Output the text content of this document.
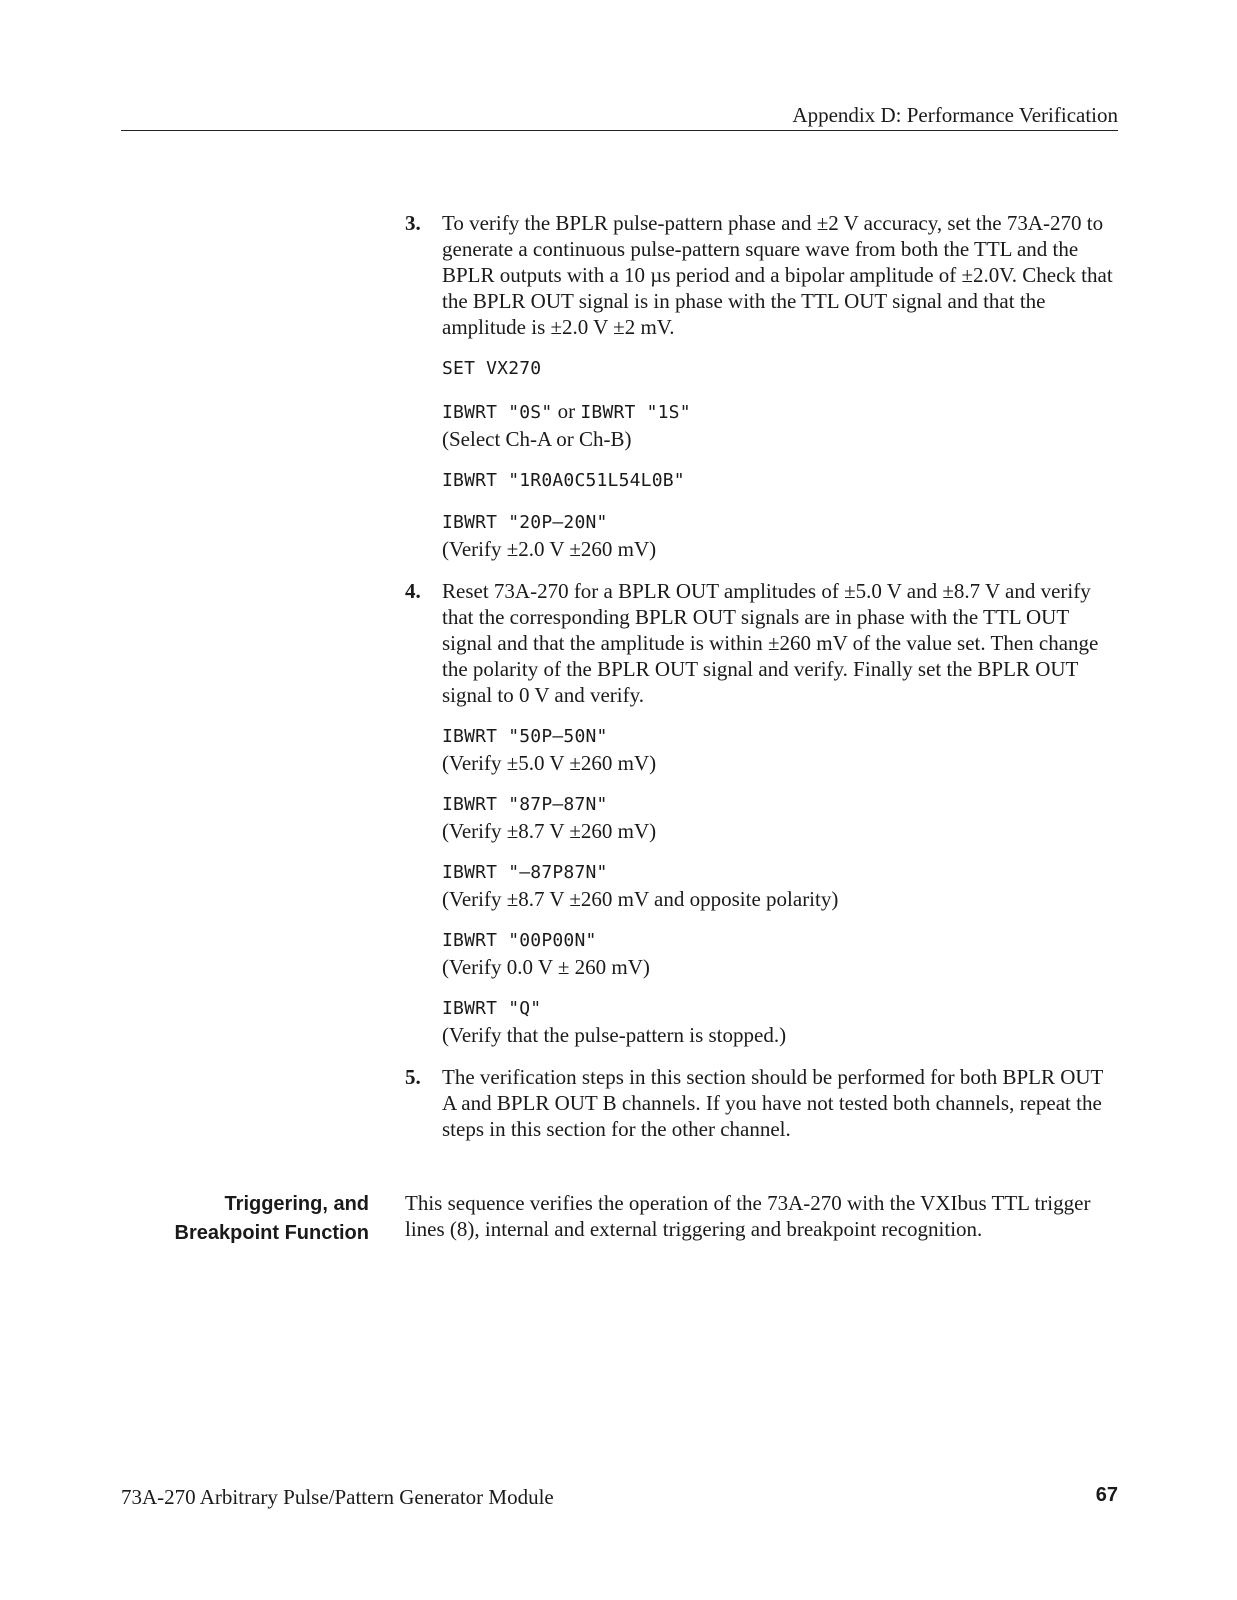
Appendix D: Performance Verification
3. To verify the BPLR pulse-pattern phase and ±2 V accuracy, set the 73A-270 to generate a continuous pulse-pattern square wave from both the TTL and the BPLR outputs with a 10 µs period and a bipolar amplitude of ±2.0V. Check that the BPLR OUT signal is in phase with the TTL OUT signal and that the amplitude is ±2.0 V ±2 mV.

SET VX270
IBWRT "0S" or IBWRT "1S"
(Select Ch-A or Ch-B)
IBWRT "1R0A0C51L54L0B"
IBWRT "20P–20N"
(Verify ±2.0 V ±260 mV)
4. Reset 73A-270 for a BPLR OUT amplitudes of ±5.0 V and ±8.7 V and verify that the corresponding BPLR OUT signals are in phase with the TTL OUT signal and that the amplitude is within ±260 mV of the value set. Then change the polarity of the BPLR OUT signal and verify. Finally set the BPLR OUT signal to 0 V and verify.

IBWRT "50P–50N"
(Verify ±5.0 V ±260 mV)
IBWRT "87P–87N"
(Verify ±8.7 V ±260 mV)
IBWRT "–87P87N"
(Verify ±8.7 V ±260 mV and opposite polarity)
IBWRT "00P00N"
(Verify 0.0 V ± 260 mV)
IBWRT "Q"
(Verify that the pulse-pattern is stopped.)
5. The verification steps in this section should be performed for both BPLR OUT A and BPLR OUT B channels. If you have not tested both channels, repeat the steps in this section for the other channel.

Triggering, and
Breakpoint Function
This sequence verifies the operation of the 73A-270 with the VXIbus TTL trigger lines (8), internal and external triggering and breakpoint recognition.
73A-270 Arbitrary Pulse/Pattern Generator Module	67
